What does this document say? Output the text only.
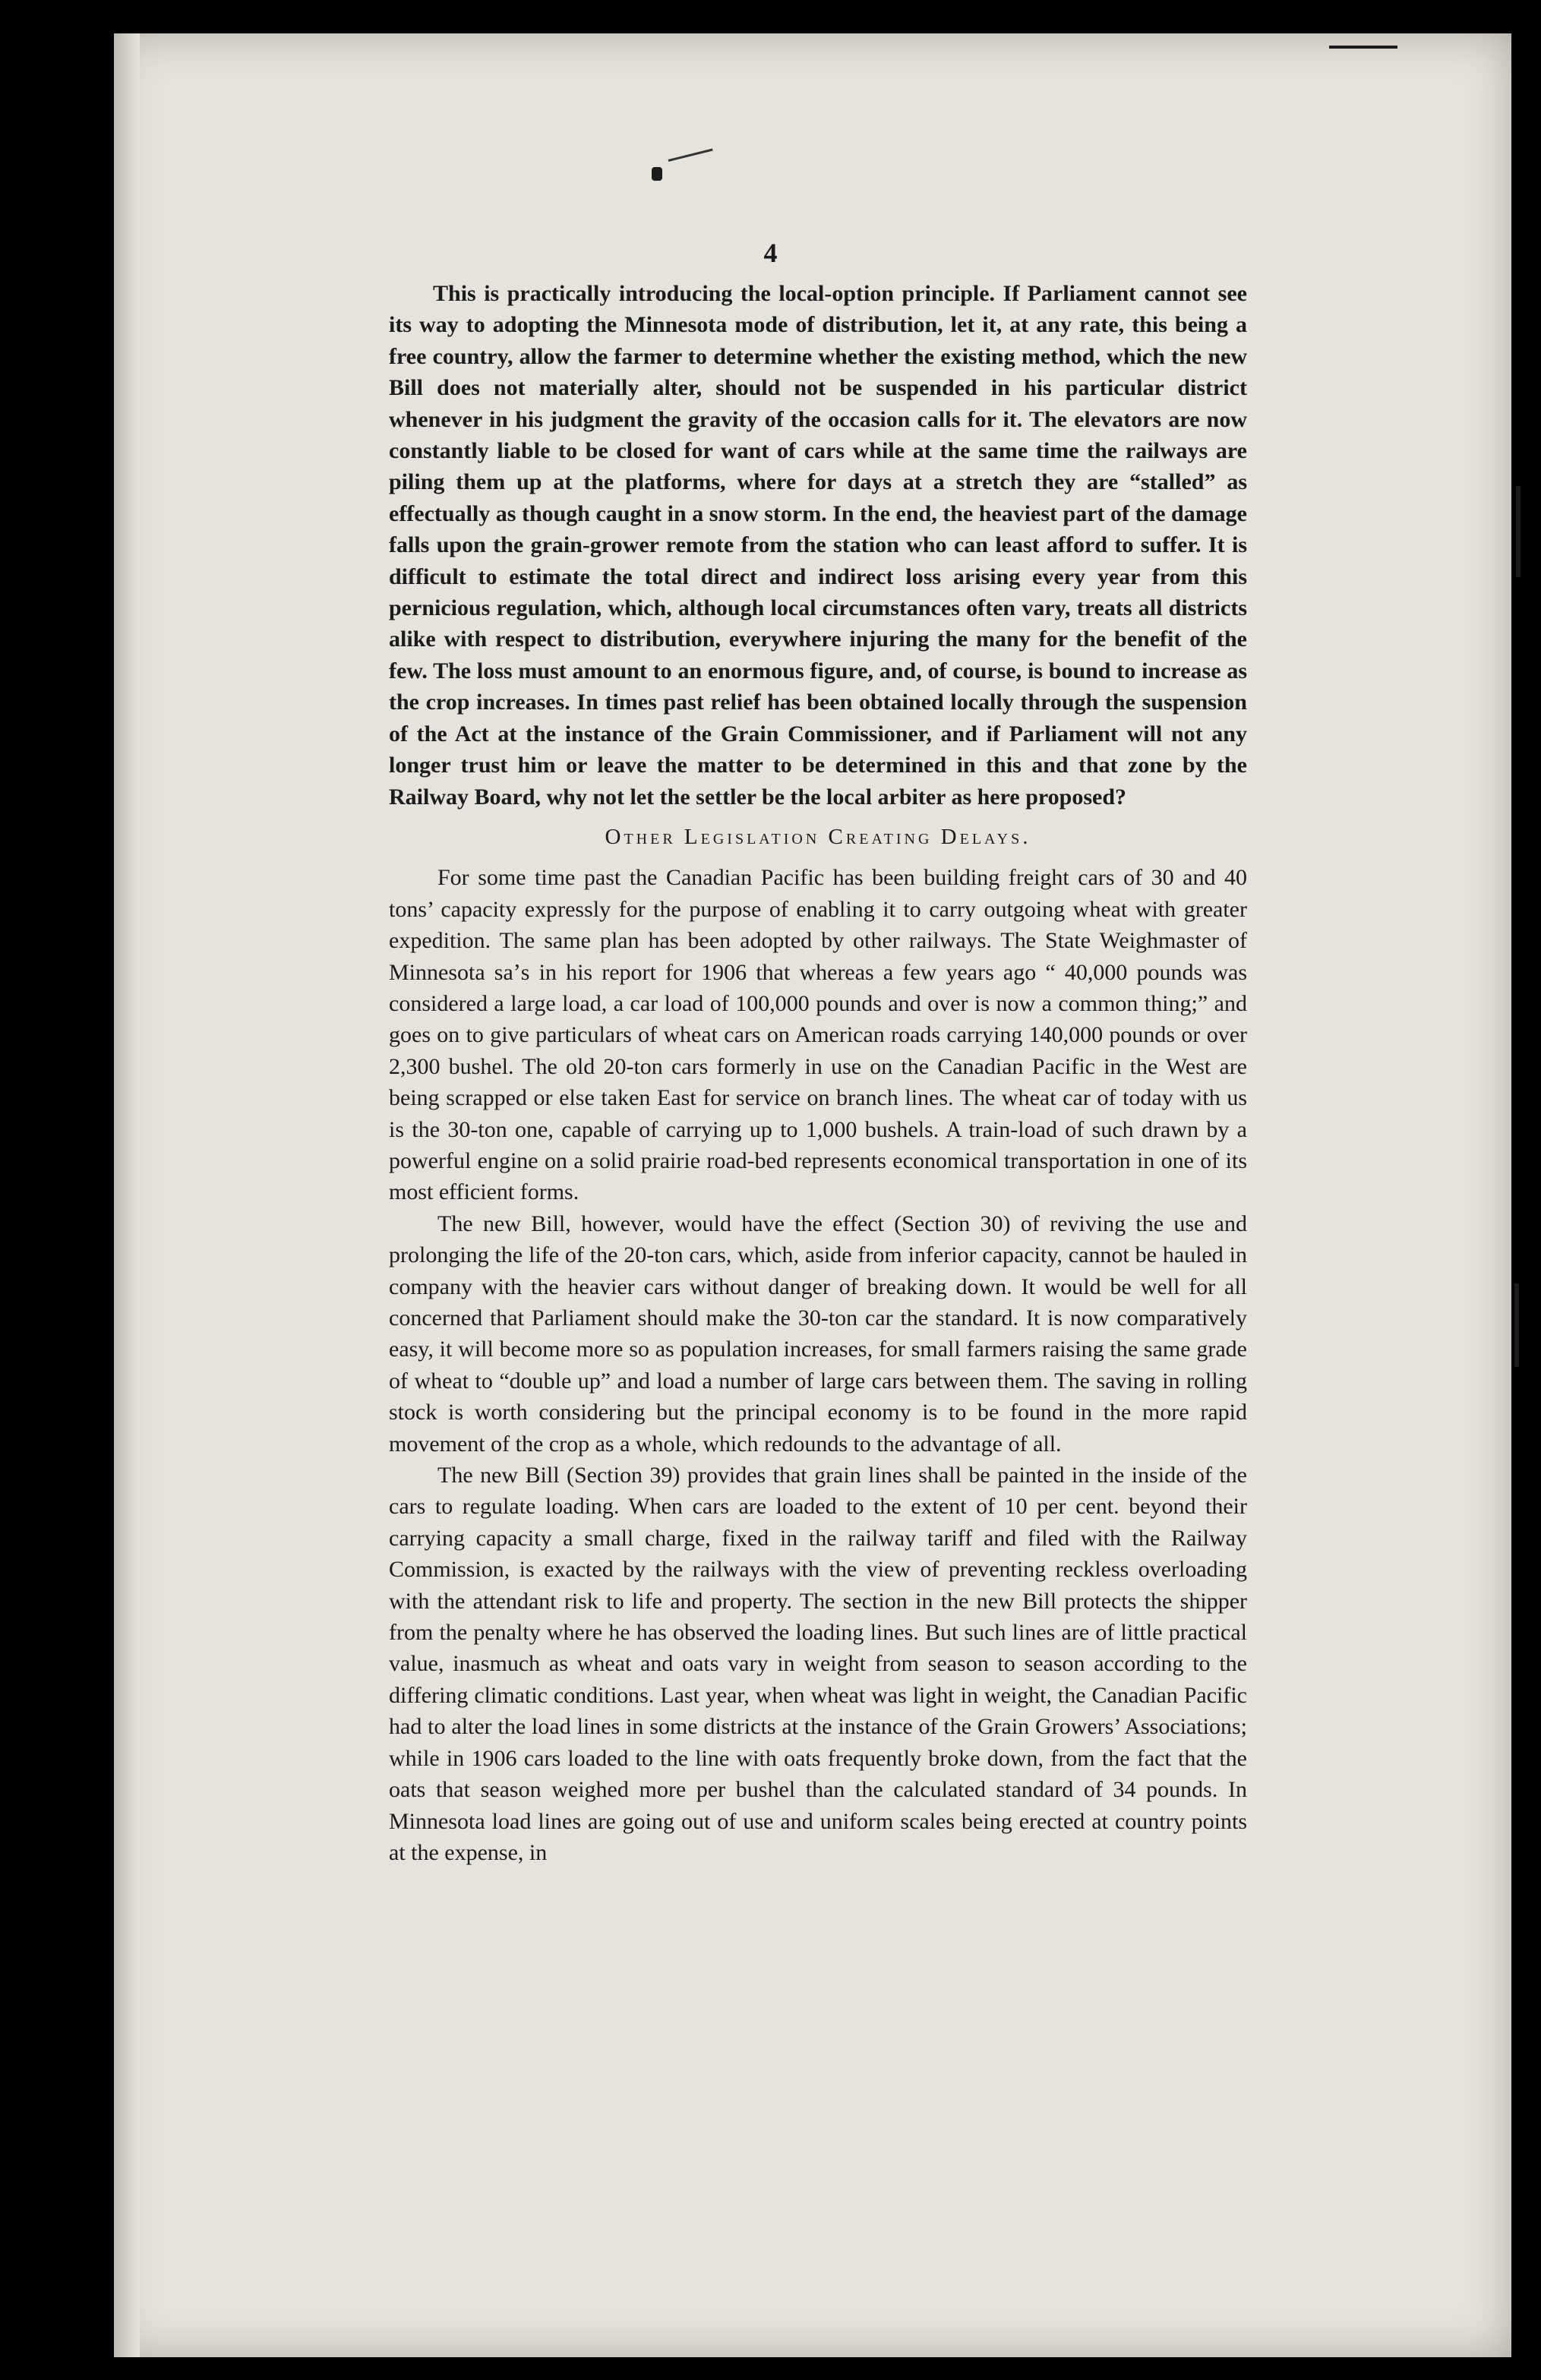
4

This is practically introducing the local-option principle. If Parliament cannot see its way to adopting the Minnesota mode of distribution, let it, at any rate, this being a free country, allow the farmer to determine whether the existing method, which the new Bill does not materially alter, should not be suspended in his particular district whenever in his judgment the gravity of the occasion calls for it. The elevators are now constantly liable to be closed for want of cars while at the same time the railways are piling them up at the platforms, where for days at a stretch they are “stalled” as effectually as though caught in a snow storm. In the end, the heaviest part of the damage falls upon the grain-grower remote from the station who can least afford to suffer. It is difficult to estimate the total direct and indirect loss arising every year from this pernicious regulation, which, although local circumstances often vary, treats all districts alike with respect to distribution, everywhere injuring the many for the benefit of the few. The loss must amount to an enormous figure, and, of course, is bound to increase as the crop increases. In times past relief has been obtained locally through the suspension of the Act at the instance of the Grain Commissioner, and if Parliament will not any longer trust him or leave the matter to be determined in this and that zone by the Railway Board, why not let the settler be the local arbiter as here proposed?

Other Legislation Creating Delays.

For some time past the Canadian Pacific has been building freight cars of 30 and 40 tons’ capacity expressly for the purpose of enabling it to carry outgoing wheat with greater expedition. The same plan has been adopted by other railways. The State Weighmaster of Minnesota saʼs in his report for 1906 that whereas a few years ago “ 40,000 pounds was considered a large load, a car load of 100,000 pounds and over is now a common thing;” and goes on to give particulars of wheat cars on American roads carrying 140,000 pounds or over 2,300 bushel. The old 20-ton cars formerly in use on the Canadian Pacific in the West are being scrapped or else taken East for service on branch lines. The wheat car of today with us is the 30-ton one, capable of carrying up to 1,000 bushels. A train-load of such drawn by a powerful engine on a solid prairie road-bed represents economical transportation in one of its most efficient forms.

The new Bill, however, would have the effect (Section 30) of reviving the use and prolonging the life of the 20-ton cars, which, aside from inferior capacity, cannot be hauled in company with the heavier cars without danger of breaking down. It would be well for all concerned that Parliament should make the 30-ton car the standard. It is now comparatively easy, it will become more so as population increases, for small farmers raising the same grade of wheat to “double up” and load a number of large cars between them. The saving in rolling stock is worth considering but the principal economy is to be found in the more rapid movement of the crop as a whole, which redounds to the advantage of all.

The new Bill (Section 39) provides that grain lines shall be painted in the inside of the cars to regulate loading. When cars are loaded to the extent of 10 per cent. beyond their carrying capacity a small charge, fixed in the railway tariff and filed with the Railway Commission, is exacted by the railways with the view of preventing reckless overloading with the attendant risk to life and property. The section in the new Bill protects the shipper from the penalty where he has observed the loading lines. But such lines are of little practical value, inasmuch as wheat and oats vary in weight from season to season according to the differing climatic conditions. Last year, when wheat was light in weight, the Canadian Pacific had to alter the load lines in some districts at the instance of the Grain Growers’ Associations; while in 1906 cars loaded to the line with oats frequently broke down, from the fact that the oats that season weighed more per bushel than the calculated standard of 34 pounds. In Minnesota load lines are going out of use and uniform scales being erected at country points at the expense, in
